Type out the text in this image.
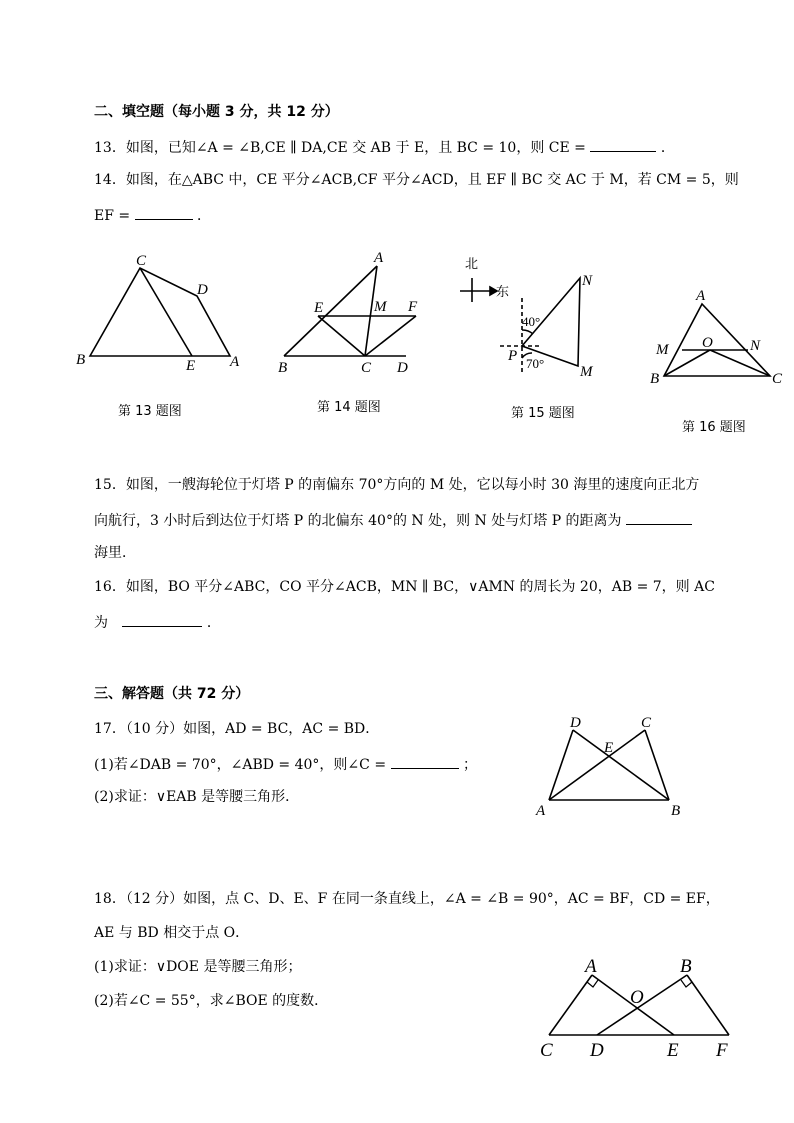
二、填空题（每小题 3 分，共 12 分）
13．如图，已知∠A = ∠B,CE ∥ DA,CE 交 AB 于 E，且 BC = 10，则 CE =	．
14．如图，在△ABC 中，CE 平分∠ACB,CF 平分∠ACD，且 EF ∥ BC 交 AC 于 M，若 CM = 5，则
EF =	．
C
D
B	E A
第 13 题图
A
E	M F
B	C D
第 14 题图
北
东
N
40°
P 70°
M
第 15 题图
A
M O N
B	C
第 16 题图
15．如图，一艘海轮位于灯塔 P 的南偏东 70°方向的 M 处，它以每小时 30 海里的速度向正北方
向航行，3 小时后到达位于灯塔 P 的北偏东 40°的 N 处，则 N 处与灯塔 P 的距离为
海里．
16．如图，BO 平分∠ABC，CO 平分∠ACB，MN ∥ BC，∨AMN 的周长为 20，AB = 7，则 AC
为	．
三、解答题（共 72 分）
17．（10 分）如图，AD = BC，AC = BD．
(1)若∠DAB = 70°，∠ABD = 40°，则∠C =	；
(2)求证：∨EAB 是等腰三角形．
D	C
E
A	B
18．（12 分）如图，点 C、D、E、F 在同一条直线上，∠A = ∠B = 90°，AC = BF，CD = EF，
AE 与 BD 相交于点 O．
(1)求证：∨DOE 是等腰三角形；
(2)若∠C = 55°，求∠BOE 的度数．
A	B
O
C D	E F
